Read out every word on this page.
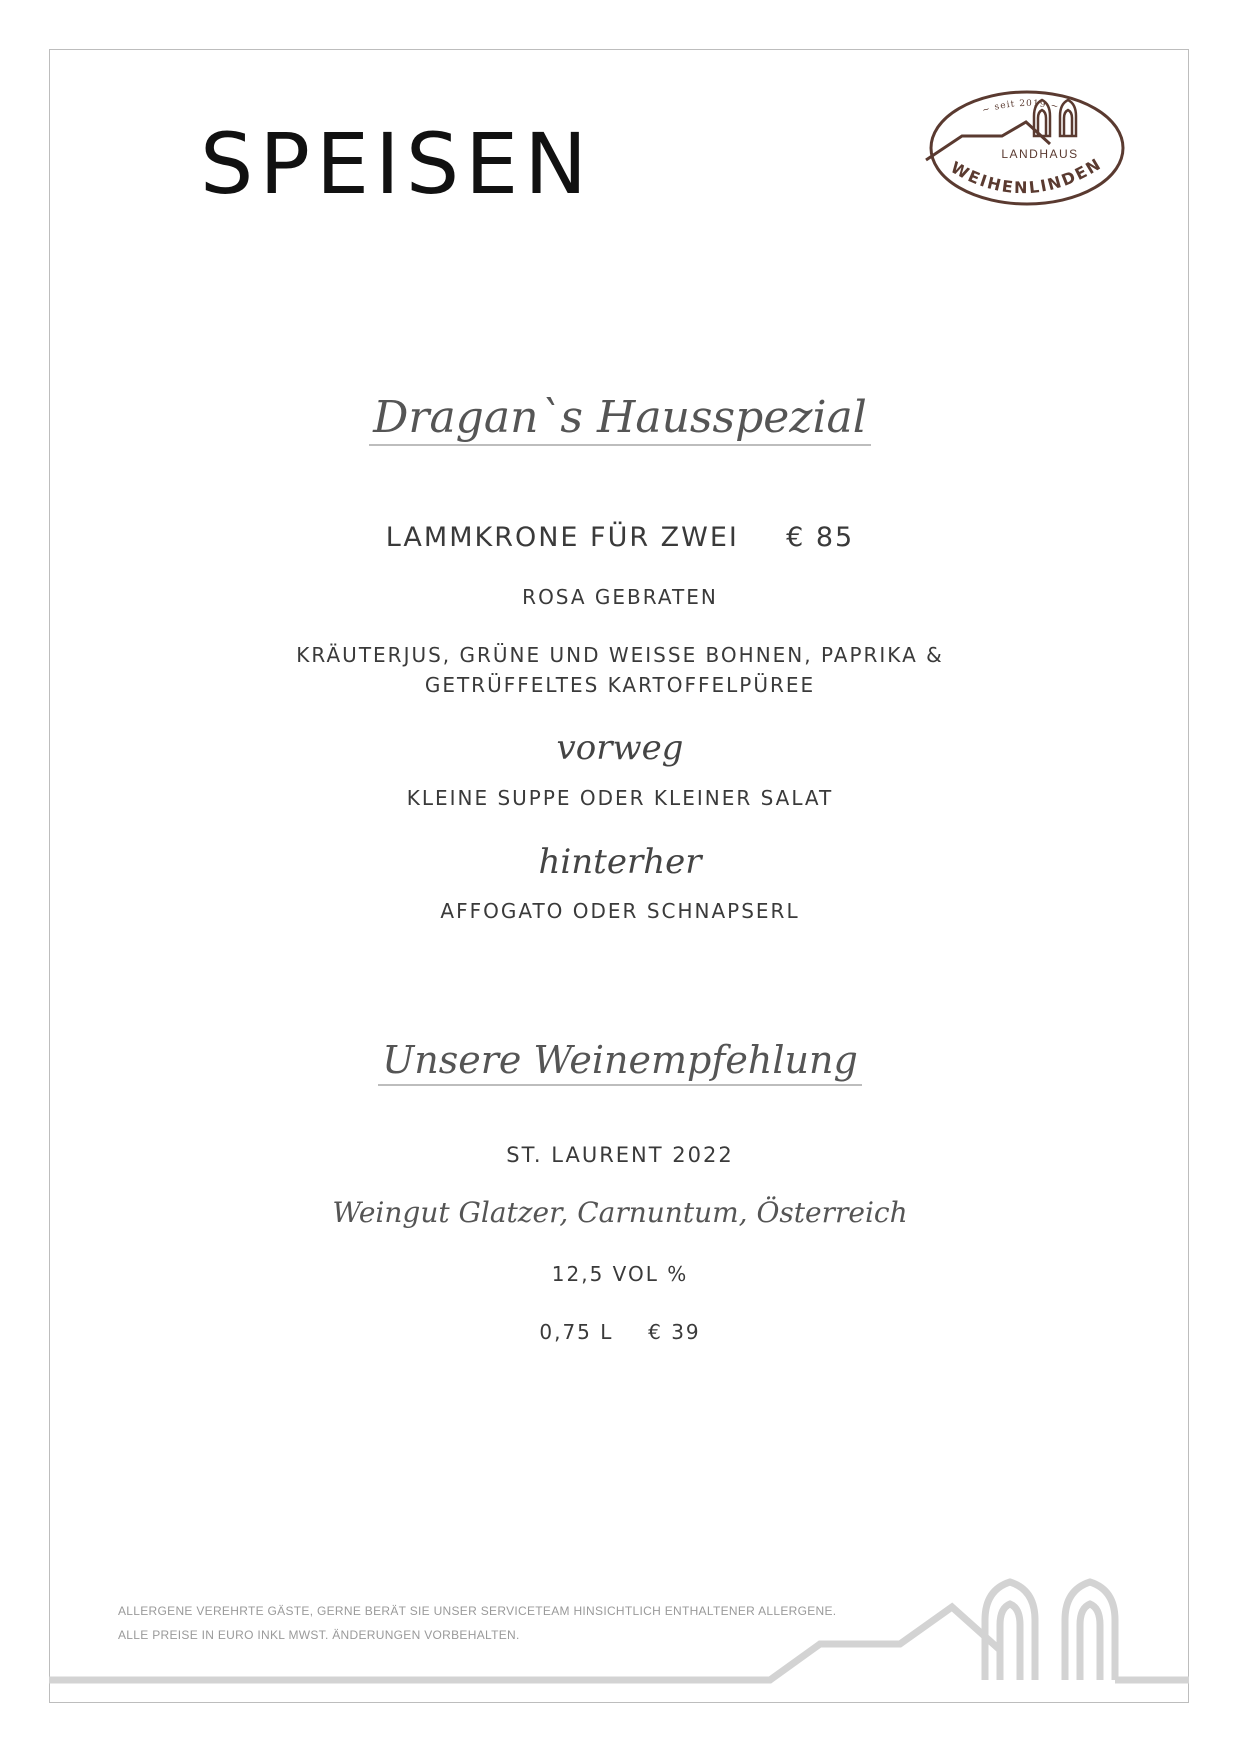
SPEISEN
~ seit 2019 ~
LANDHAUS
WEIHENLINDEN
Dragan`s Hausspezial
LAMMKRONE FÜR ZWEI € 85
ROSA GEBRATEN
KRÄUTERJUS, GRÜNE UND WEISSE BOHNEN, PAPRIKA &
GETRÜFFELTES KARTOFFELPÜREE
vorweg
KLEINE SUPPE ODER KLEINER SALAT
hinterher
AFFOGATO ODER SCHNAPSERL
Unsere Weinempfehlung
ST. LAURENT 2022
Weingut Glatzer, Carnuntum, Österreich
12,5 VOL %
0,75 L € 39
ALLERGENE VEREHRTE GÄSTE, GERNE BERÄT SIE UNSER SERVICETEAM HINSICHTLICH ENTHALTENER ALLERGENE.
ALLE PREISE IN EURO INKL MWST. ÄNDERUNGEN VORBEHALTEN.
